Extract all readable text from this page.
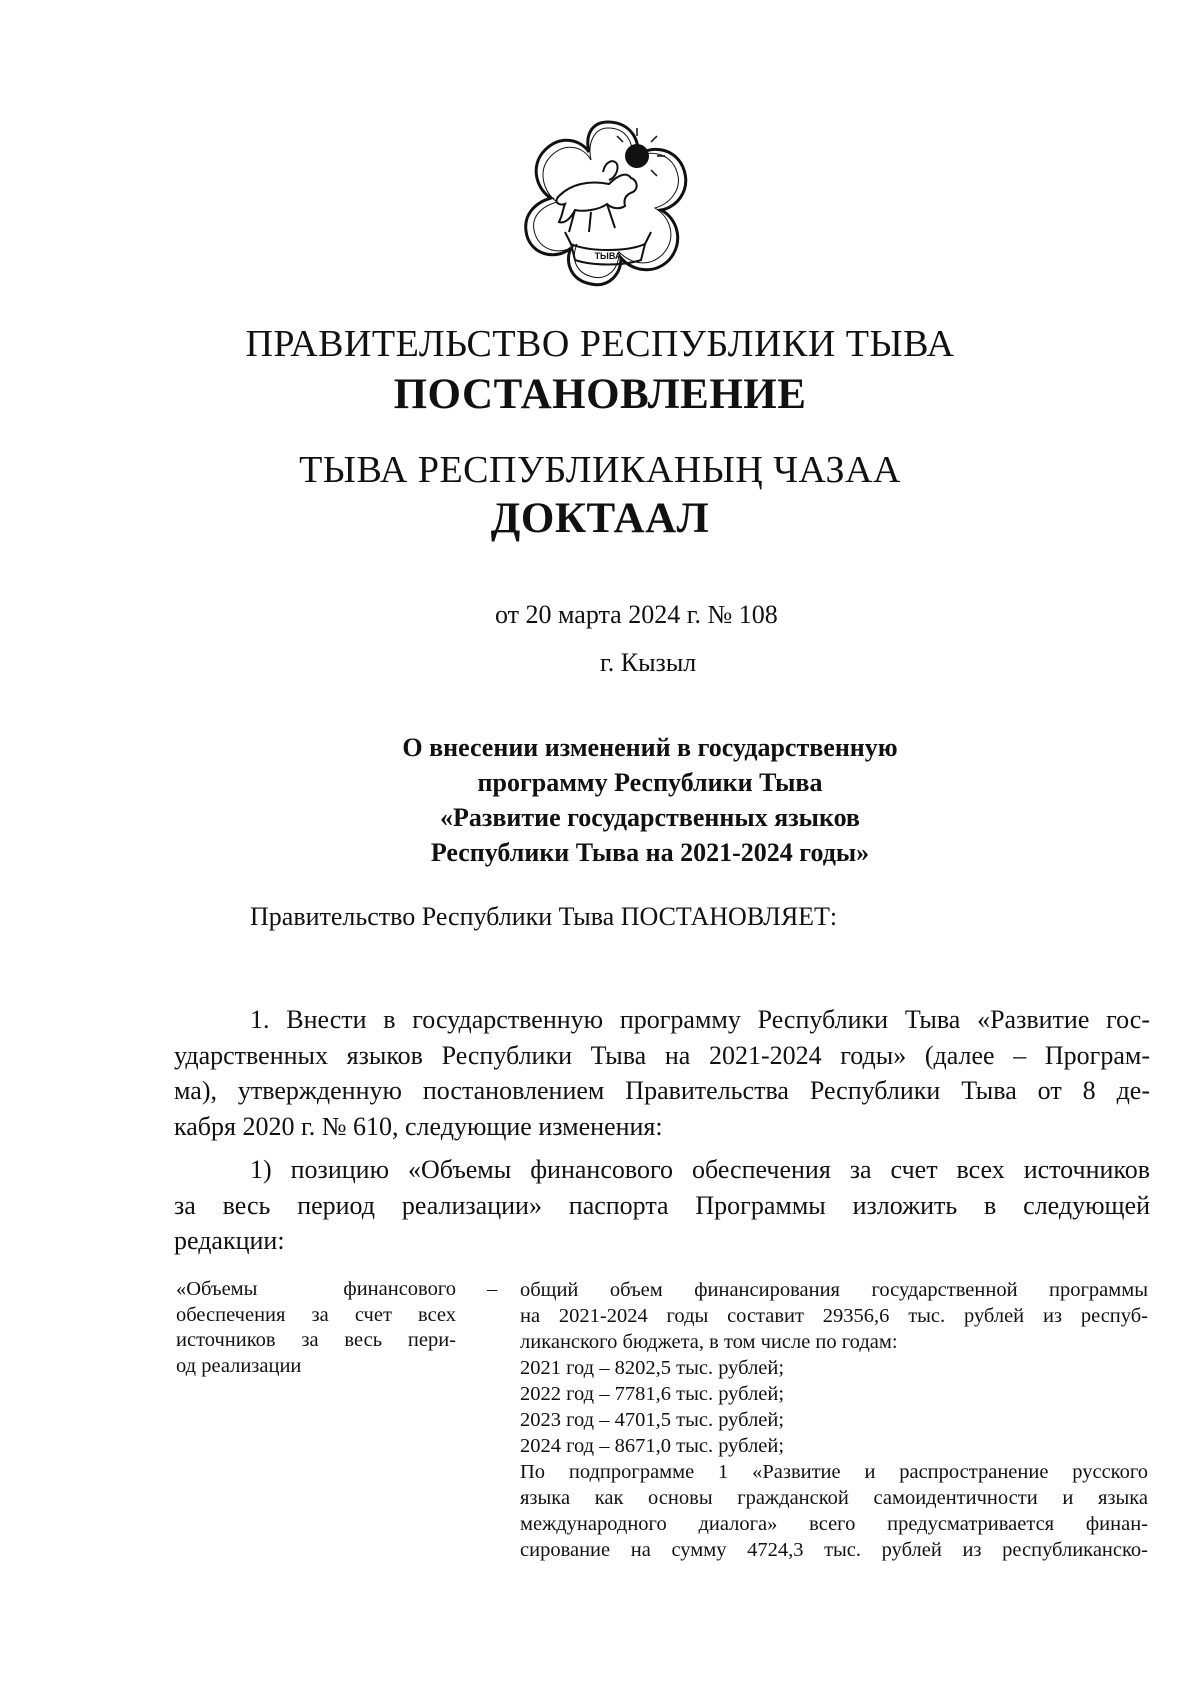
ТЫВА
ПРАВИТЕЛЬСТВО РЕСПУБЛИКИ ТЫВА
ПОСТАНОВЛЕНИЕ
ТЫВА РЕСПУБЛИКАНЫҢ ЧАЗАА
ДОКТААЛ
от 20 марта 2024 г. № 108
г. Кызыл
О внесении изменений в государственную
программу Республики Тыва
«Развитие государственных языков
Республики Тыва на 2021-2024 годы»
Правительство Республики Тыва ПОСТАНОВЛЯЕТ:
1. Внести в государственную программу Республики Тыва «Развитие гос-
ударственных языков Республики Тыва на 2021-2024 годы» (далее – Програм-
ма), утвержденную постановлением Правительства Республики Тыва от 8 де-
кабря 2020 г. № 610, следующие изменения:
1) позицию «Объемы финансового обеспечения за счет всех источников
за весь период реализации» паспорта Программы изложить в следующей
редакции:
«Объемы финансового
обеспечения за счет всех
источников за весь пери-
од реализации
– общий объем финансирования государственной программы
на 2021-2024 годы составит 29356,6 тыс. рублей из респуб-
ликанского бюджета, в том числе по годам:
2021 год – 8202,5 тыс. рублей;
2022 год – 7781,6 тыс. рублей;
2023 год – 4701,5 тыс. рублей;
2024 год – 8671,0 тыс. рублей;
По подпрограмме 1 «Развитие и распространение русского
языка как основы гражданской самоидентичности и языка
международного диалога» всего предусматривается финан-
сирование на сумму 4724,3 тыс. рублей из республиканско-
